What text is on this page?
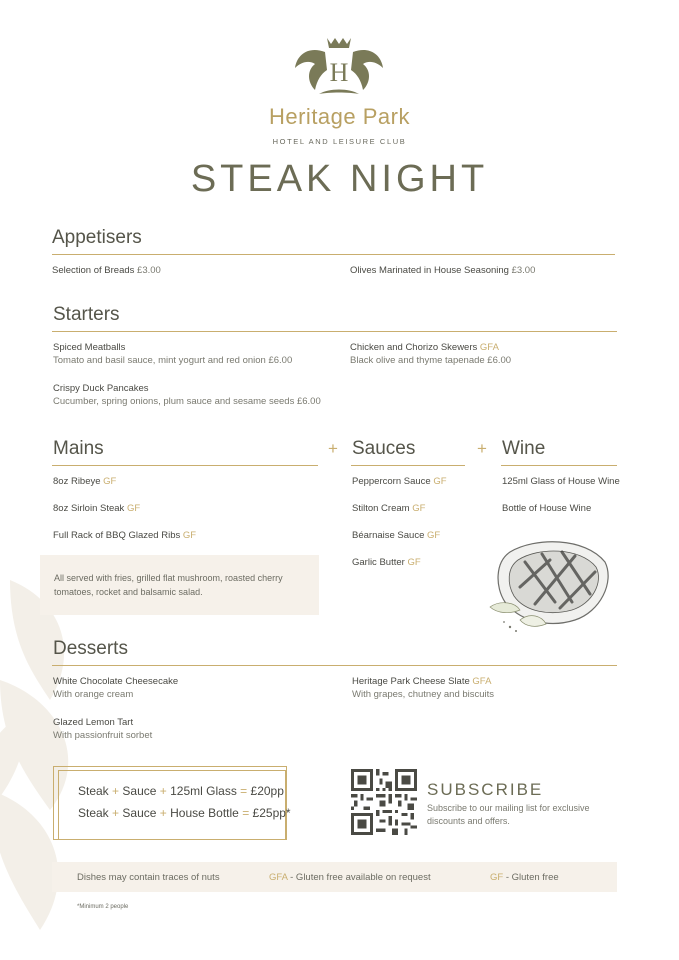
H
Heritage Park
HOTEL AND LEISURE CLUB
STEAK NIGHT
Appetisers
Selection of Breads £3.00	Olives Marinated in House Seasoning £3.00
Starters
Spiced Meatballs
Tomato and basil sauce, mint yogurt and red onion £6.00
Chicken and Chorizo Skewers GFA
Black olive and thyme tapenade £6.00
Crispy Duck Pancakes
Cucumber, spring onions, plum sauce and sesame seeds £6.00
Mains
8oz Ribeye GF
8oz Sirloin Steak GF
Full Rack of BBQ Glazed Ribs GF
All served with fries, grilled flat mushroom, roasted cherry tomatoes, rocket and balsamic salad.
+ Sauces
Peppercorn Sauce GF
Stilton Cream GF
Béarnaise Sauce GF
Garlic Butter GF
+ Wine
125ml Glass of House Wine
Bottle of House Wine
Desserts
White Chocolate Cheesecake
With orange cream
Heritage Park Cheese Slate GFA
With grapes, chutney and biscuits
Glazed Lemon Tart
With passionfruit sorbet
Steak + Sauce + 125ml Glass = £20pp
Steak + Sauce + House Bottle = £25pp*
SUBSCRIBE
Subscribe to our mailing list for exclusive discounts and offers.
Dishes may contain traces of nuts	GFA - Gluten free available on request	GF - Gluten free
*Minimum 2 people
